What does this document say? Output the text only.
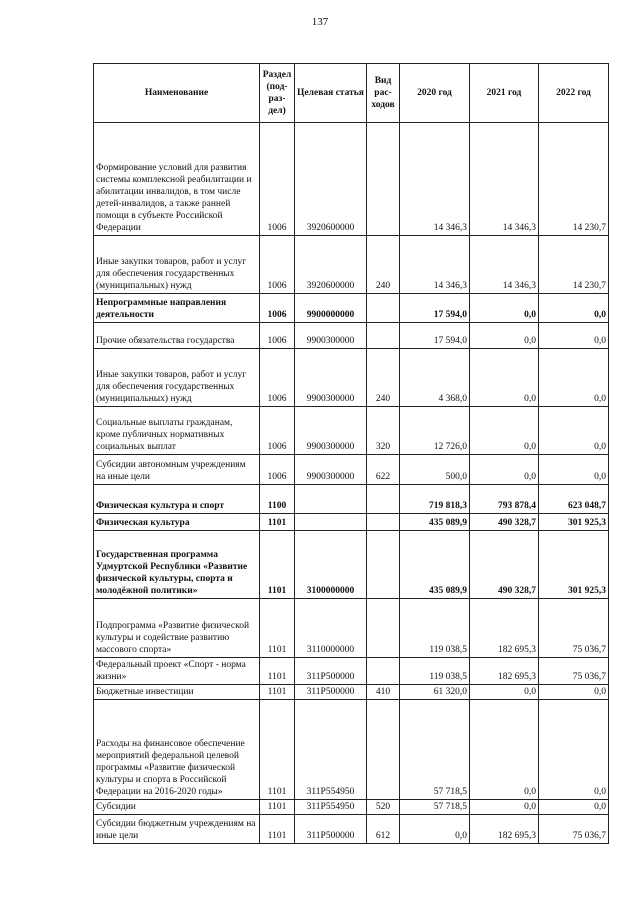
137
Наименование	Раздел (под-раз-дел)	Целевая статья	Вид рас-ходов	2020 год	2021 год	2022 год
Формирование условий для развития системы комплексной реабилитации и абилитации инвалидов, в том числе детей-инвалидов, а также ранней помощи в субъекте Российской Федерации	1006	3920600000		14 346,3	14 346,3	14 230,7
Иные закупки товаров, работ и услуг для обеспечения государственных (муниципальных) нужд	1006	3920600000	240	14 346,3	14 346,3	14 230,7
Непрограммные направления деятельности	1006	9900000000		17 594,0	0,0	0,0
Прочие обязательства государства	1006	9900300000		17 594,0	0,0	0,0
Иные закупки товаров, работ и услуг для обеспечения государственных (муниципальных) нужд	1006	9900300000	240	4 368,0	0,0	0,0
Социальные выплаты гражданам, кроме публичных нормативных социальных выплат	1006	9900300000	320	12 726,0	0,0	0,0
Субсидии автономным учреждениям на иные цели	1006	9900300000	622	500,0	0,0	0,0
Физическая культура и спорт	1100			719 818,3	793 878,4	623 048,7
Физическая культура	1101			435 089,9	490 328,7	301 925,3
Государственная программа Удмуртской Республики «Развитие физической культуры, спорта и молодёжной политики»	1101	3100000000		435 089,9	490 328,7	301 925,3
Подпрограмма «Развитие физической культуры и содействие развитию массового спорта»	1101	3110000000		119 038,5	182 695,3	75 036,7
Федеральный проект «Спорт - норма жизни»	1101	311P500000		119 038,5	182 695,3	75 036,7
Бюджетные инвестиции	1101	311P500000	410	61 320,0	0,0	0,0
Расходы на финансовое обеспечение мероприятий федеральной целевой программы «Развитие физической культуры и спорта в Российской Федерации на 2016-2020 годы»	1101	311P554950		57 718,5	0,0	0,0
Субсидии	1101	311P554950	520	57 718,5	0,0	0,0
Субсидии бюджетным учреждениям на иные цели	1101	311P500000	612	0,0	182 695,3	75 036,7
